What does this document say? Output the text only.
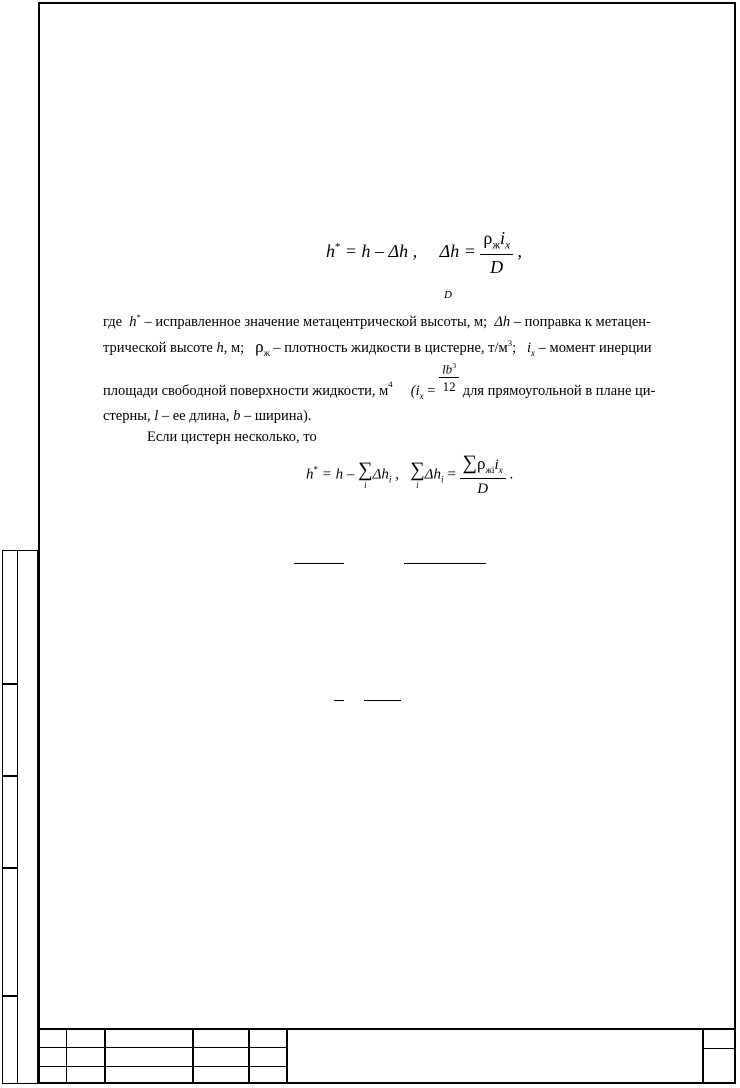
h* = h – Δh , $\Delta h = \frac{\rho_жi_x}{D}$ ,
D
где h* – исправленное значение метацентрической высоты, м; Δh – поправка к метацен-
трической высоте h, м; $\rho_ж$ – плотность жидкости в цистерне, $т/м^3$; $i_x$ – момент инерции
площади свободной поверхности жидкости, м4 ($i_x = \frac{lb^3}{12}$ для прямоугольной в плане ци-
стерны, l – ее длина, b – ширина).
Если цистерн несколько, то
h* = h – ∑
i
$\Delta h_i$ , ∑
i
$\Delta h_i = \frac{\sum\rho_{жi}i_x}{D}$ .
